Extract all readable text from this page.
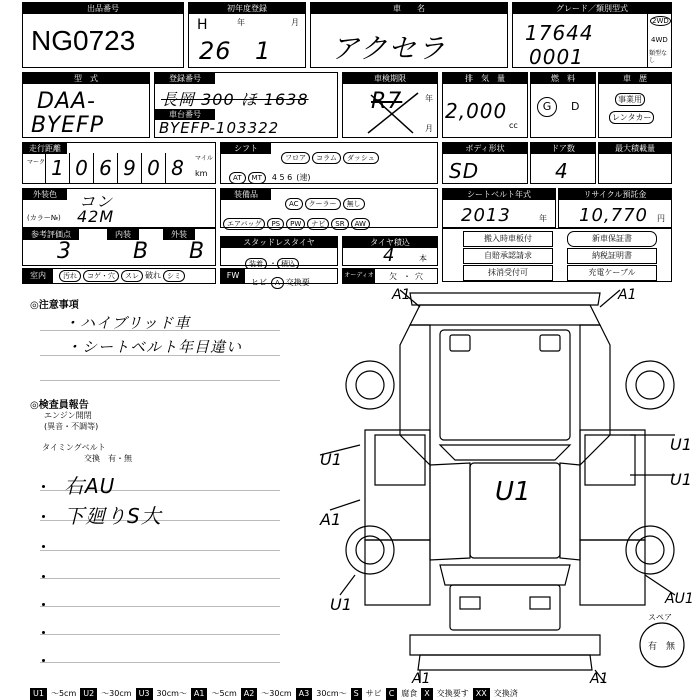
出品番号
NG0723
初年度登録
H
26
年
1
月
車　　名
アクセラ
グレード／類別型式
17644
0001
2WD
4WD
類型なし
型　式
DAA-
BYEFP
登録番号
長岡 300 ほ 1638
車台番号
BYEFP-103322
車検期限
R7	年
月
排　気　量
2,000
cc
燃　料
G	D
車　歴
事業用
レンタカー
走行距離
マーク 1 0 6 9 0 8	マイル
km
シフト
フロア コラム ダッシュ
AT MT 4 5 6 (速)
ボディ形状
SD
ドア数
4
最大積載量
外装色
(カラー№)
コン
42M
装備品
AC クーラー 無し
エアバッグ PS PW ナビ SR AW
シートベルト年式
2013	年
リサイクル預託金
10,770 円
参考評価点
3
内装
B
外装
B	スタッドレスタイヤ
装着 ・ 積込
タイヤ積込
4	本
搬入時車板付	新車保証書
自賠承認請求	納税証明書
抹消受付可	充電ケーブル
室内	汚れ コゲ・穴 スレ 破れ シミ	FW
ヒビ A 交換要
オーディオ 欠 ・ 穴
◎注意事項
・ハイブリッド車
・シートベルト年目違い
◎検査員報告
エンジン開閉
(異音・不調等)
タイミングベルト
交換　有・無
右AU
下廻りS大
U1
A1	A1
U1
U1
A1
U1
U1	AU1
A1	A1
スペア
有 無
U1 〜5cm U2 〜30cm U3 30cm〜 A1 〜5cm A2 〜30cm A3 30cm〜 S サビ C 腐食 X 交換要す XX 交換済
